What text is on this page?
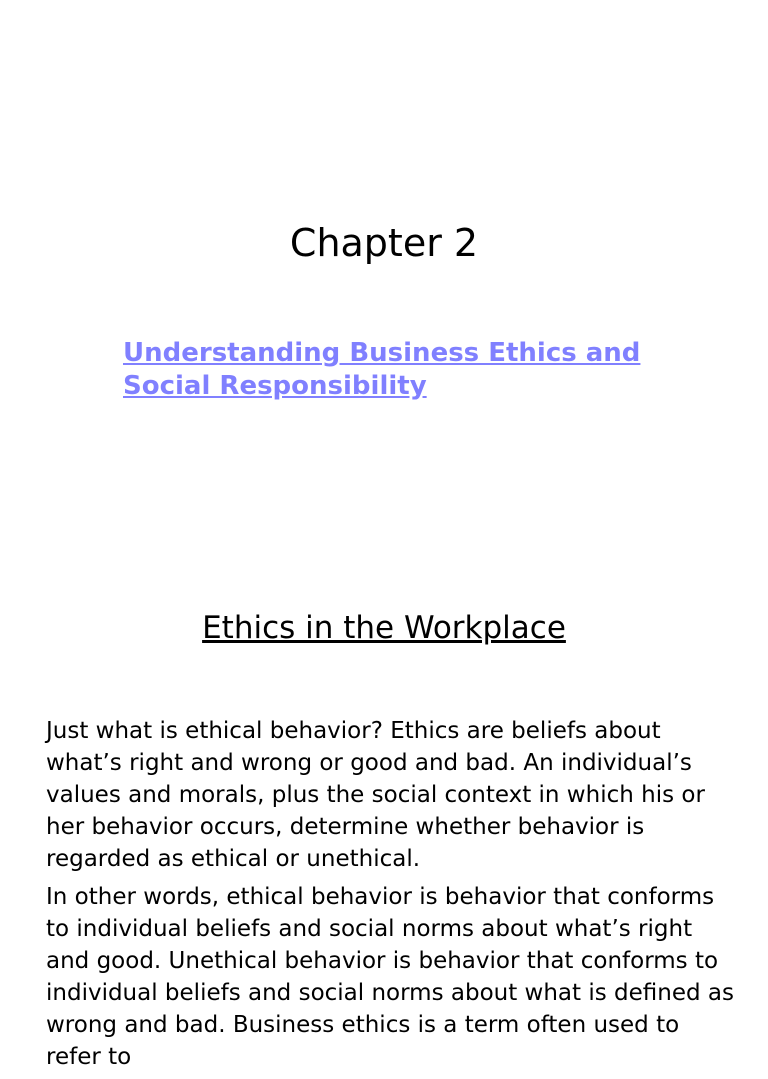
Chapter 2
Understanding Business Ethics and Social Responsibility
Ethics in the Workplace

Just what is ethical behavior? Ethics are beliefs about what’s right and wrong or good and bad. An individual’s values and morals, plus the social context in which his or her behavior occurs, determine whether behavior is regarded as ethical or unethical.

In other words, ethical behavior is behavior that conforms to individual beliefs and social norms about what’s right and good. Unethical behavior is behavior that conforms to individual beliefs and social norms about what is defined as wrong and bad. Business ethics is a term often used to refer to
